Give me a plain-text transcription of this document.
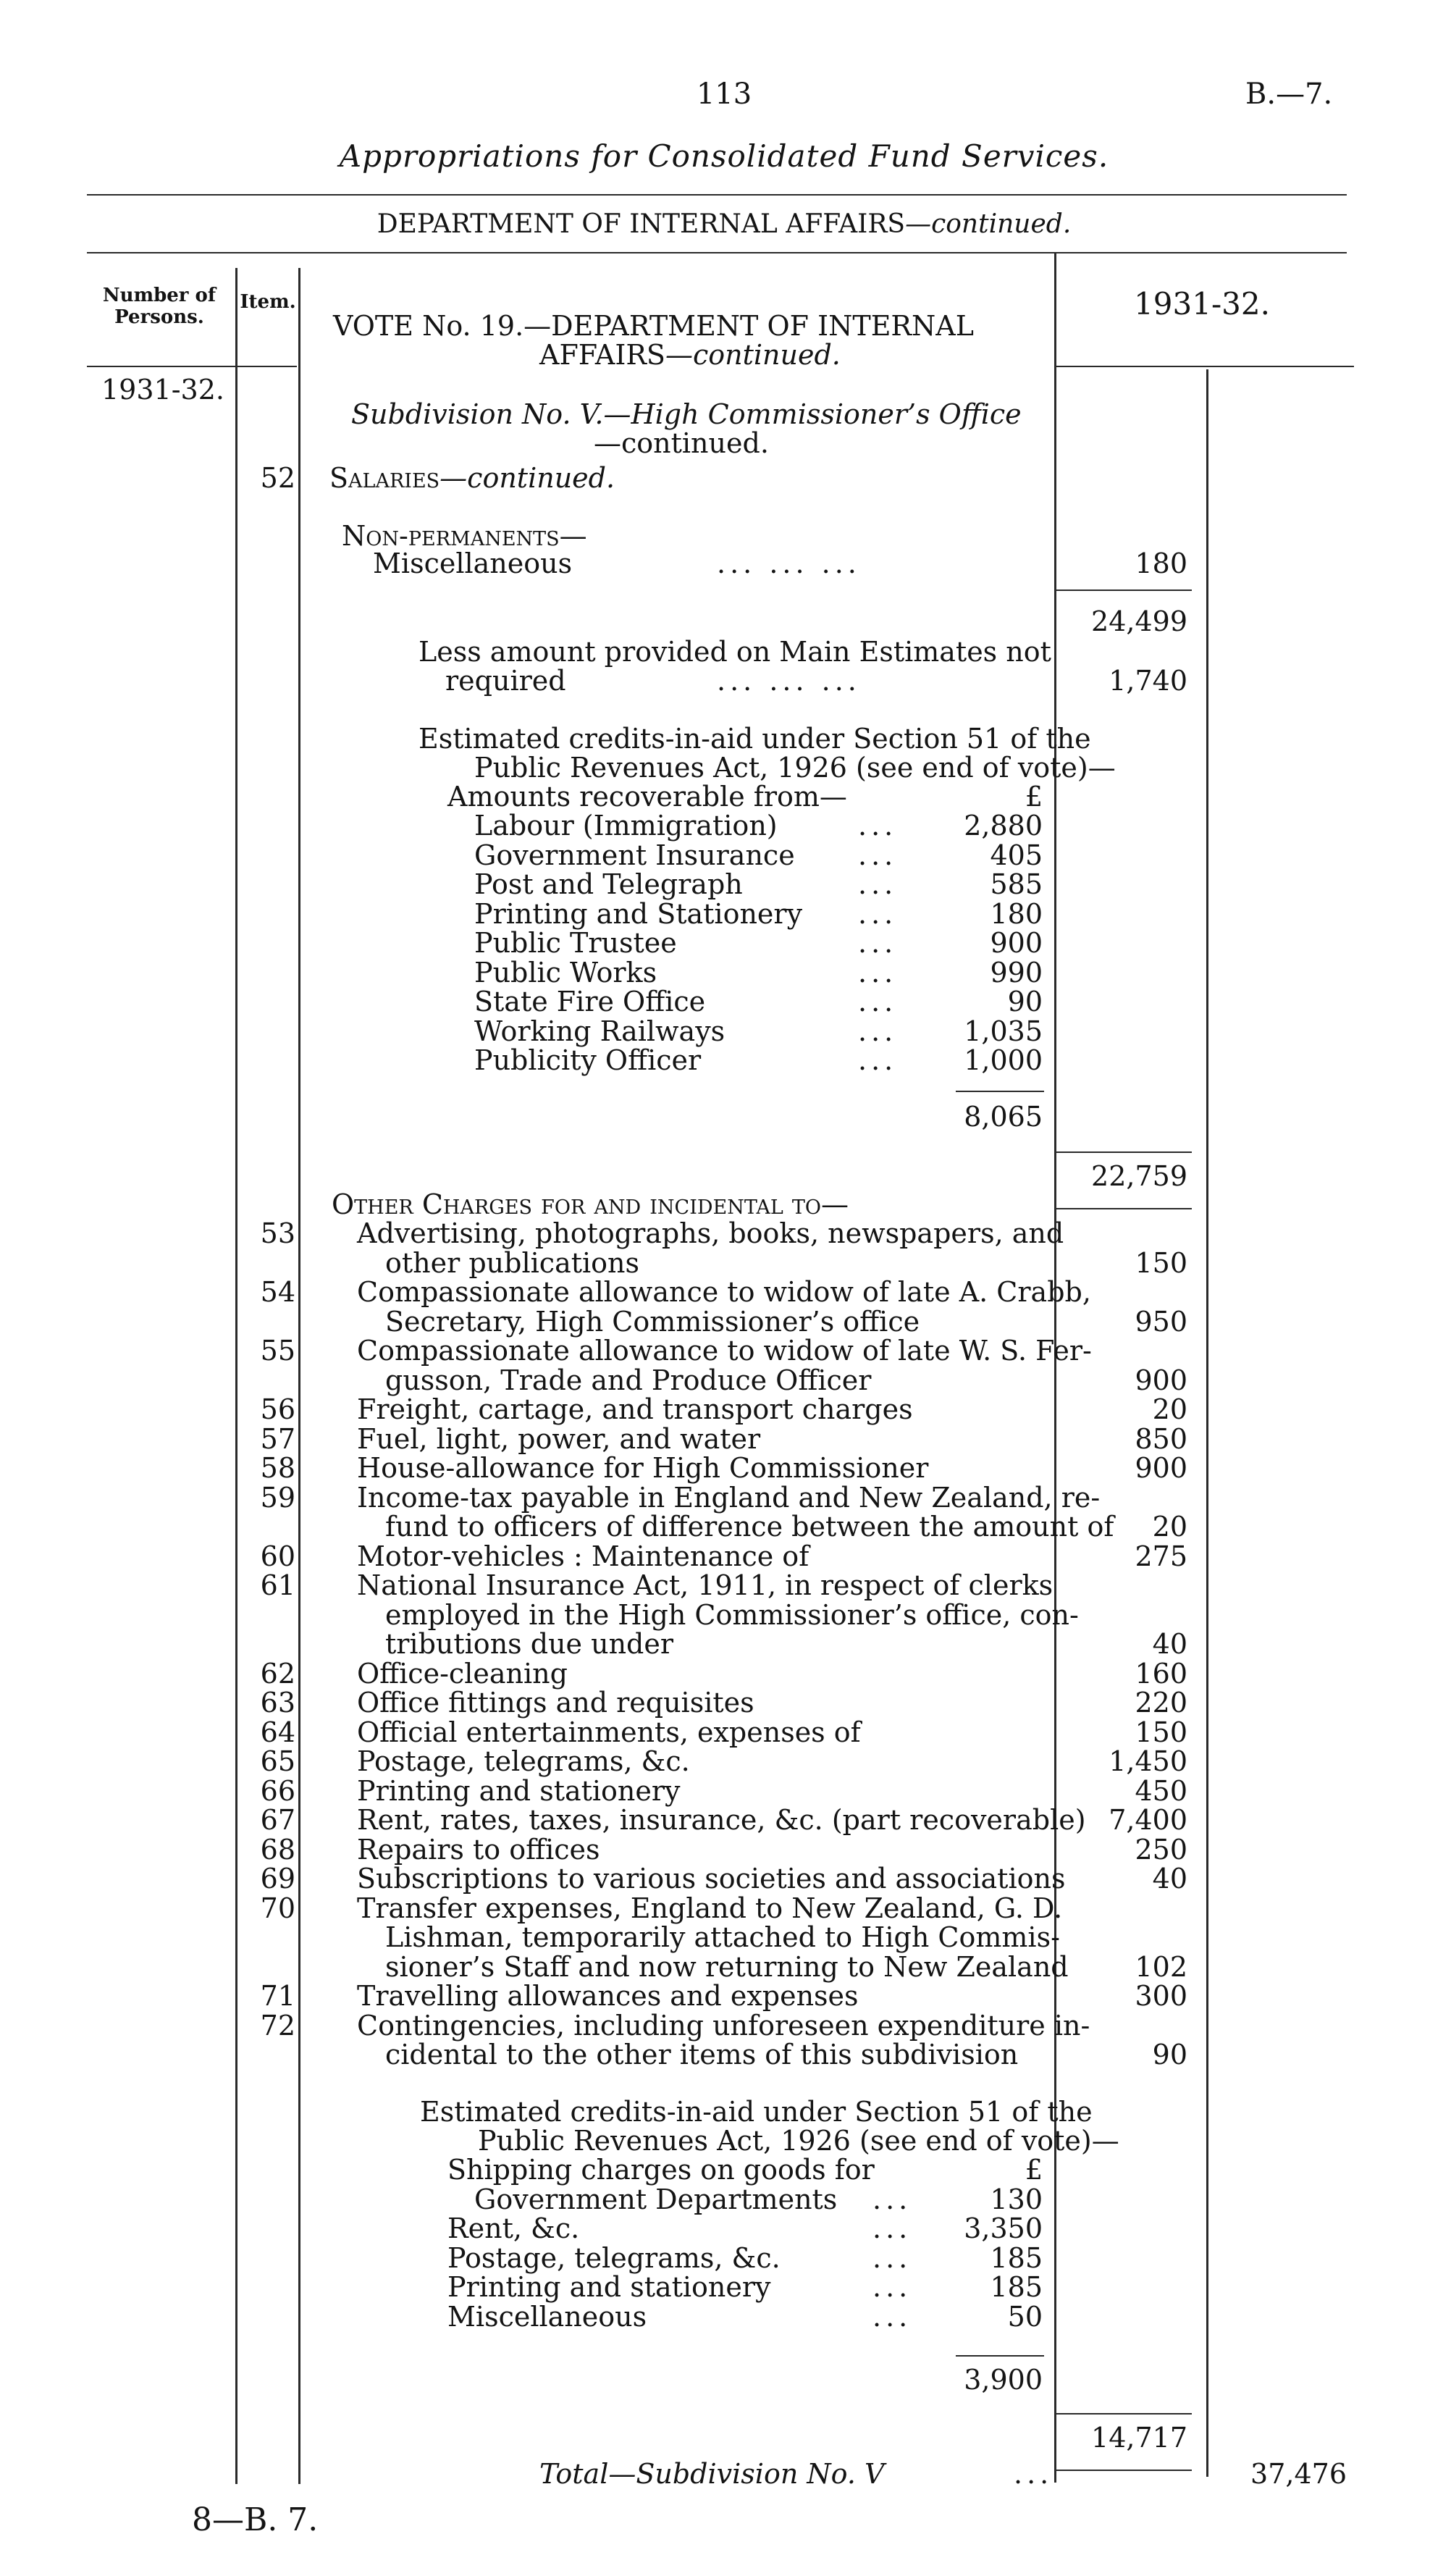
113	B.—7.
Appropriations for Consolidated Fund Services.
DEPARTMENT OF INTERNAL AFFAIRS—continued.
Number of Persons.
Item.	1931-32.
1931-32.
VOTE No. 19.—DEPARTMENT OF INTERNAL
AFFAIRS—continued.
Subdivision No. V.—High Commissioner’s Office
—continued.
52 Salaries—continued.
Non-permanents—
Miscellaneous	... ... ...	180
24,499
Less amount provided on Main Estimates not
required	... ... ...	1,740
Estimated credits-in-aid under Section 51 of the
Public Revenues Act, 1926 (see end of vote)—
Amounts recoverable from—	£
Labour (Immigration)	...	2,880
Government Insurance ...	405
Post and Telegraph	...	585
Printing and Stationery ...	180
Public Trustee	...	900
Public Works	...	990
State Fire Office	...	90
Working Railways	...	1,035
Publicity Officer	...	1,000
8,065
22,759
Other Charges for and incidental to—
53 Advertising, photographs, books, newspapers, and
other publications	150
54 Compassionate allowance to widow of late A. Crabb,
Secretary, High Commissioner’s office	950
55 Compassionate allowance to widow of late W. S. Fer-
gusson, Trade and Produce Officer	900
56 Freight, cartage, and transport charges	20
57 Fuel, light, power, and water	850
58 House-allowance for High Commissioner	900
59 Income-tax payable in England and New Zealand, re-
fund to officers of difference between the amount of	20
60 Motor-vehicles : Maintenance of	275
61 National Insurance Act, 1911, in respect of clerks
employed in the High Commissioner’s office, con-
tributions due under	40
62 Office-cleaning	160
63 Office fittings and requisites	220
64 Official entertainments, expenses of	150
65 Postage, telegrams, &c.	1,450
66 Printing and stationery	450
67 Rent, rates, taxes, insurance, &c. (part recoverable) 7,400
68 Repairs to offices	250
69 Subscriptions to various societies and associations	40
70 Transfer expenses, England to New Zealand, G. D.
Lishman, temporarily attached to High Commis-
sioner’s Staff and now returning to New Zealand	102
71 Travelling allowances and expenses	300
72 Contingencies, including unforeseen expenditure in-
cidental to the other items of this subdivision	90
Estimated credits-in-aid under Section 51 of the
Public Revenues Act, 1926 (see end of vote)—
£
Shipping charges on goods for
Government Departments ...	130
Rent, &c.	...	3,350
Postage, telegrams, &c.	...	185
Printing and stationery	...	185
Miscellaneous	...	50
3,900
14,717
Total—Subdivision No. V	...	37,476
8—B. 7.
